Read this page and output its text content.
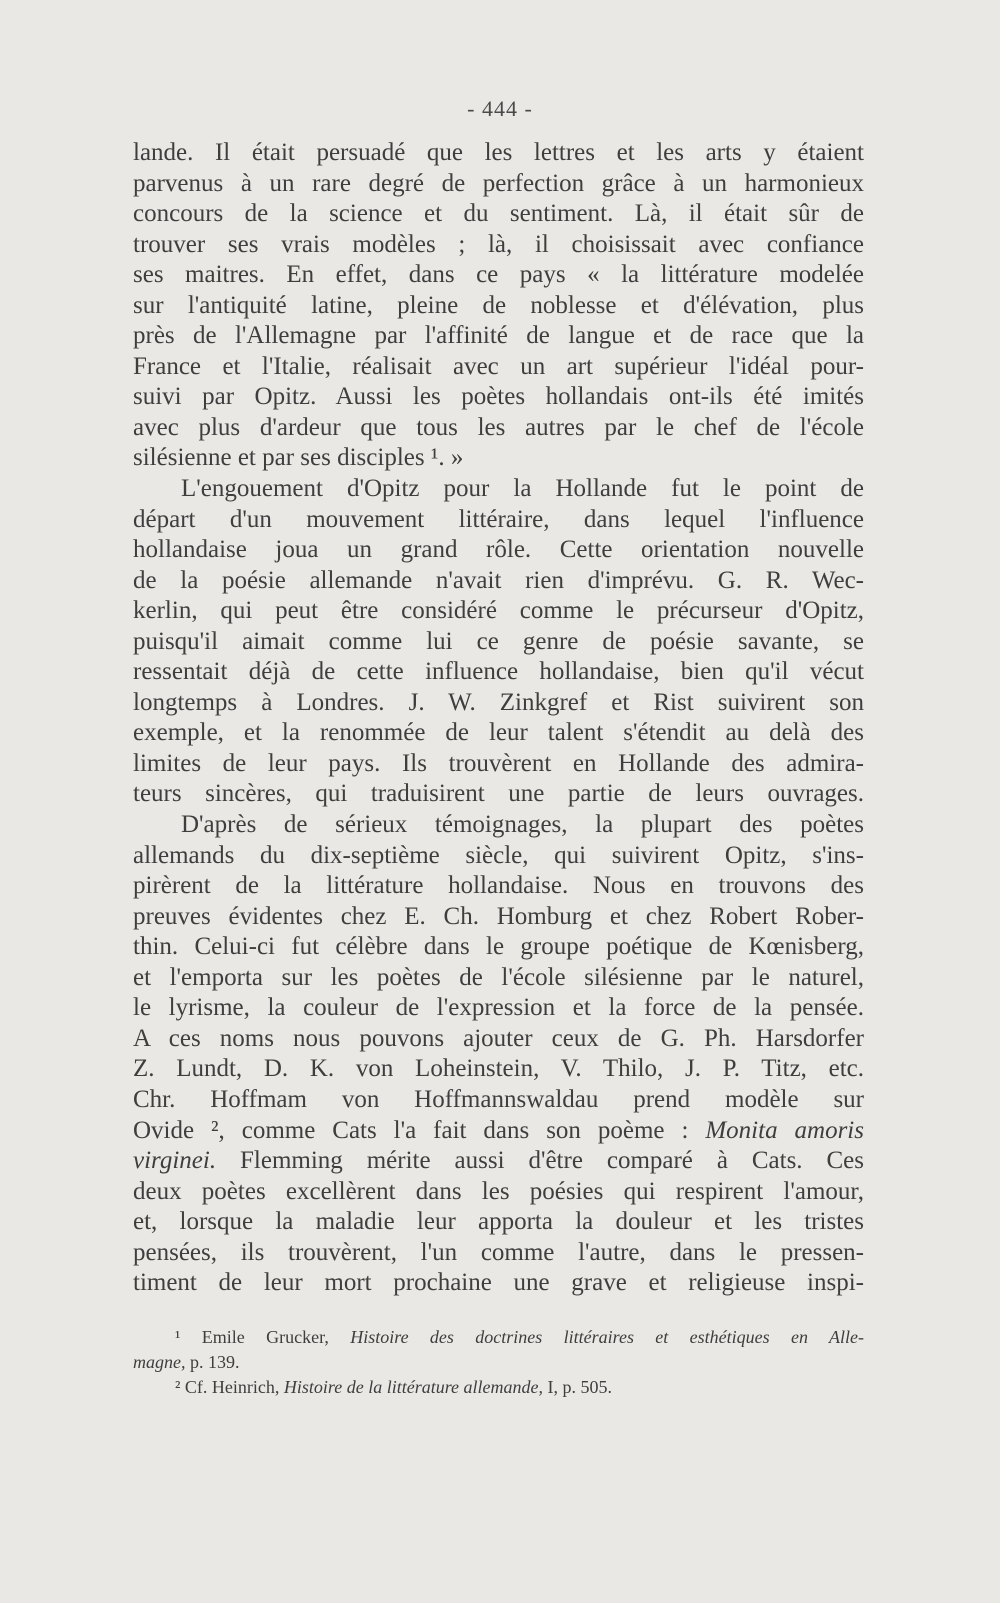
- 444 -
lande. Il était persuadé que les lettres et les arts y étaient
parvenus à un rare degré de perfection grâce à un harmonieux
concours de la science et du sentiment. Là, il était sûr de
trouver ses vrais modèles ; là, il choisissait avec confiance
ses maitres. En effet, dans ce pays « la littérature modelée
sur l'antiquité latine, pleine de noblesse et d'élévation, plus
près de l'Allemagne par l'affinité de langue et de race que la
France et l'Italie, réalisait avec un art supérieur l'idéal pour-
suivi par Opitz. Aussi les poètes hollandais ont-ils été imités
avec plus d'ardeur que tous les autres par le chef de l'école
silésienne et par ses disciples ¹. »
L'engouement d'Opitz pour la Hollande fut le point de
départ d'un mouvement littéraire, dans lequel l'influence
hollandaise joua un grand rôle. Cette orientation nouvelle
de la poésie allemande n'avait rien d'imprévu. G. R. Wec-
kerlin, qui peut être considéré comme le précurseur d'Opitz,
puisqu'il aimait comme lui ce genre de poésie savante, se
ressentait déjà de cette influence hollandaise, bien qu'il vécut
longtemps à Londres. J. W. Zinkgref et Rist suivirent son
exemple, et la renommée de leur talent s'étendit au delà des
limites de leur pays. Ils trouvèrent en Hollande des admira-
teurs sincères, qui traduisirent une partie de leurs ouvrages.
D'après de sérieux témoignages, la plupart des poètes
allemands du dix-septième siècle, qui suivirent Opitz, s'ins-
pirèrent de la littérature hollandaise. Nous en trouvons des
preuves évidentes chez E. Ch. Homburg et chez Robert Rober-
thin. Celui-ci fut célèbre dans le groupe poétique de Kœnisberg,
et l'emporta sur les poètes de l'école silésienne par le naturel,
le lyrisme, la couleur de l'expression et la force de la pensée.
A ces noms nous pouvons ajouter ceux de G. Ph. Harsdorfer
Z. Lundt, D. K. von Loheinstein, V. Thilo, J. P. Titz, etc.
Chr. Hoffmam von Hoffmannswaldau prend modèle sur
Ovide ², comme Cats l'a fait dans son poème : Monita amoris
virginei. Flemming mérite aussi d'être comparé à Cats. Ces
deux poètes excellèrent dans les poésies qui respirent l'amour,
et, lorsque la maladie leur apporta la douleur et les tristes
pensées, ils trouvèrent, l'un comme l'autre, dans le pressen-
timent de leur mort prochaine une grave et religieuse inspi-
¹ Emile Grucker, Histoire des doctrines littéraires et esthétiques en Alle-
magne, p. 139.
² Cf. Heinrich, Histoire de la littérature allemande, I, p. 505.
